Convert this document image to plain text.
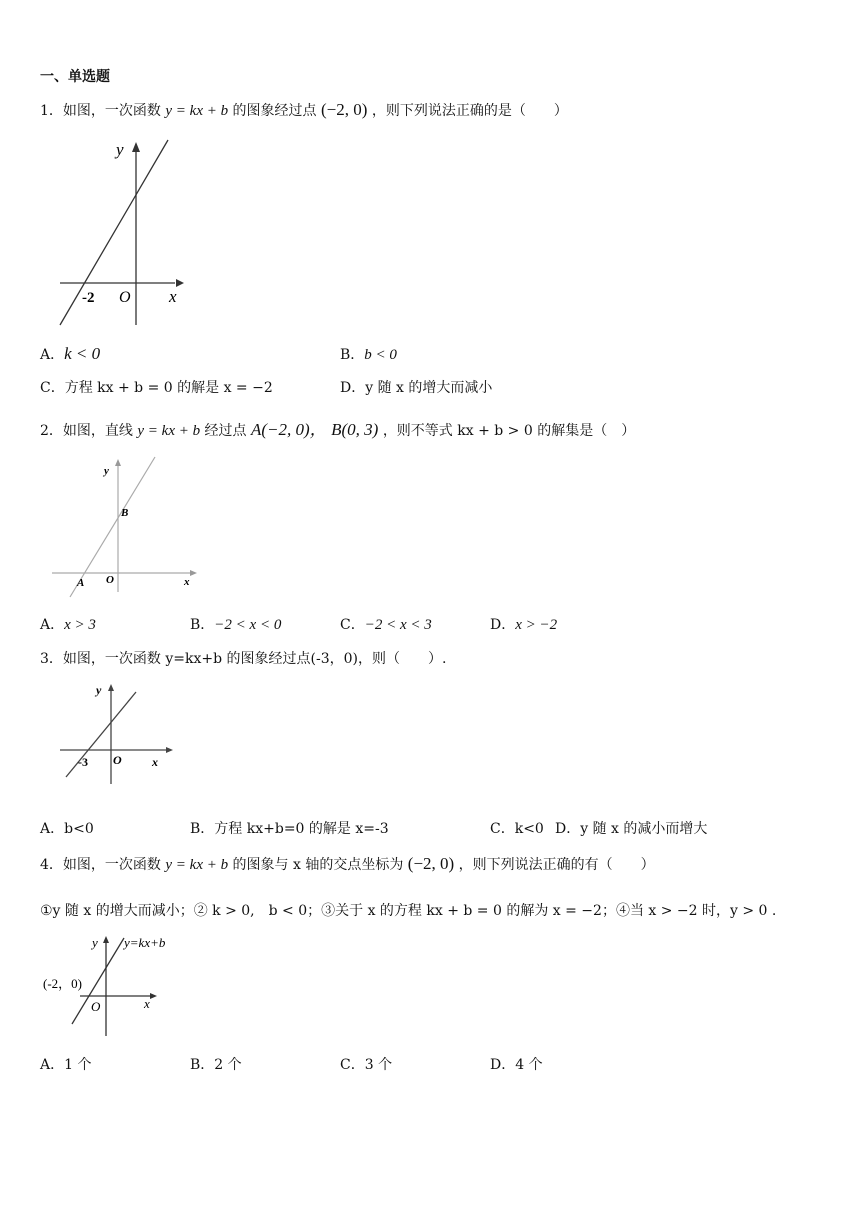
一、单选题
1．如图，一次函数 y = kx + b 的图象经过点 (−2, 0) ，则下列说法正确的是（　　）
y
x
O
-2
A．k < 0	B．b < 0
C．方程 kx + b = 0 的解是 x = −2	D．y 随 x 的增大而减小
2．如图，直线 y = kx + b 经过点 A(−2, 0)， B(0, 3) ，则不等式 kx + b > 0 的解集是（　）
y
x
O
A
B
A．x > 3	B．−2 < x < 0	C．−2 < x < 3	D．x > −2
3．如图，一次函数 y=kx+b 的图象经过点(-3，0)，则（　　）.
y
x
O
-3
A．b<0	B．方程 kx+b=0 的解是 x=-3	C．k<0 D．y 随 x 的减小而增大
4．如图，一次函数 y = kx + b 的图象与 x 轴的交点坐标为 (−2, 0) ，则下列说法正确的有（　　）
①y 随 x 的增大而减小；② k > 0,　b < 0；③关于 x 的方程 kx + b = 0 的解为 x = −2；④当 x > −2 时，y > 0 .
y
x
O
(-2，0)
y=kx+b
A．1 个	B．2 个	C．3 个	D．4 个
